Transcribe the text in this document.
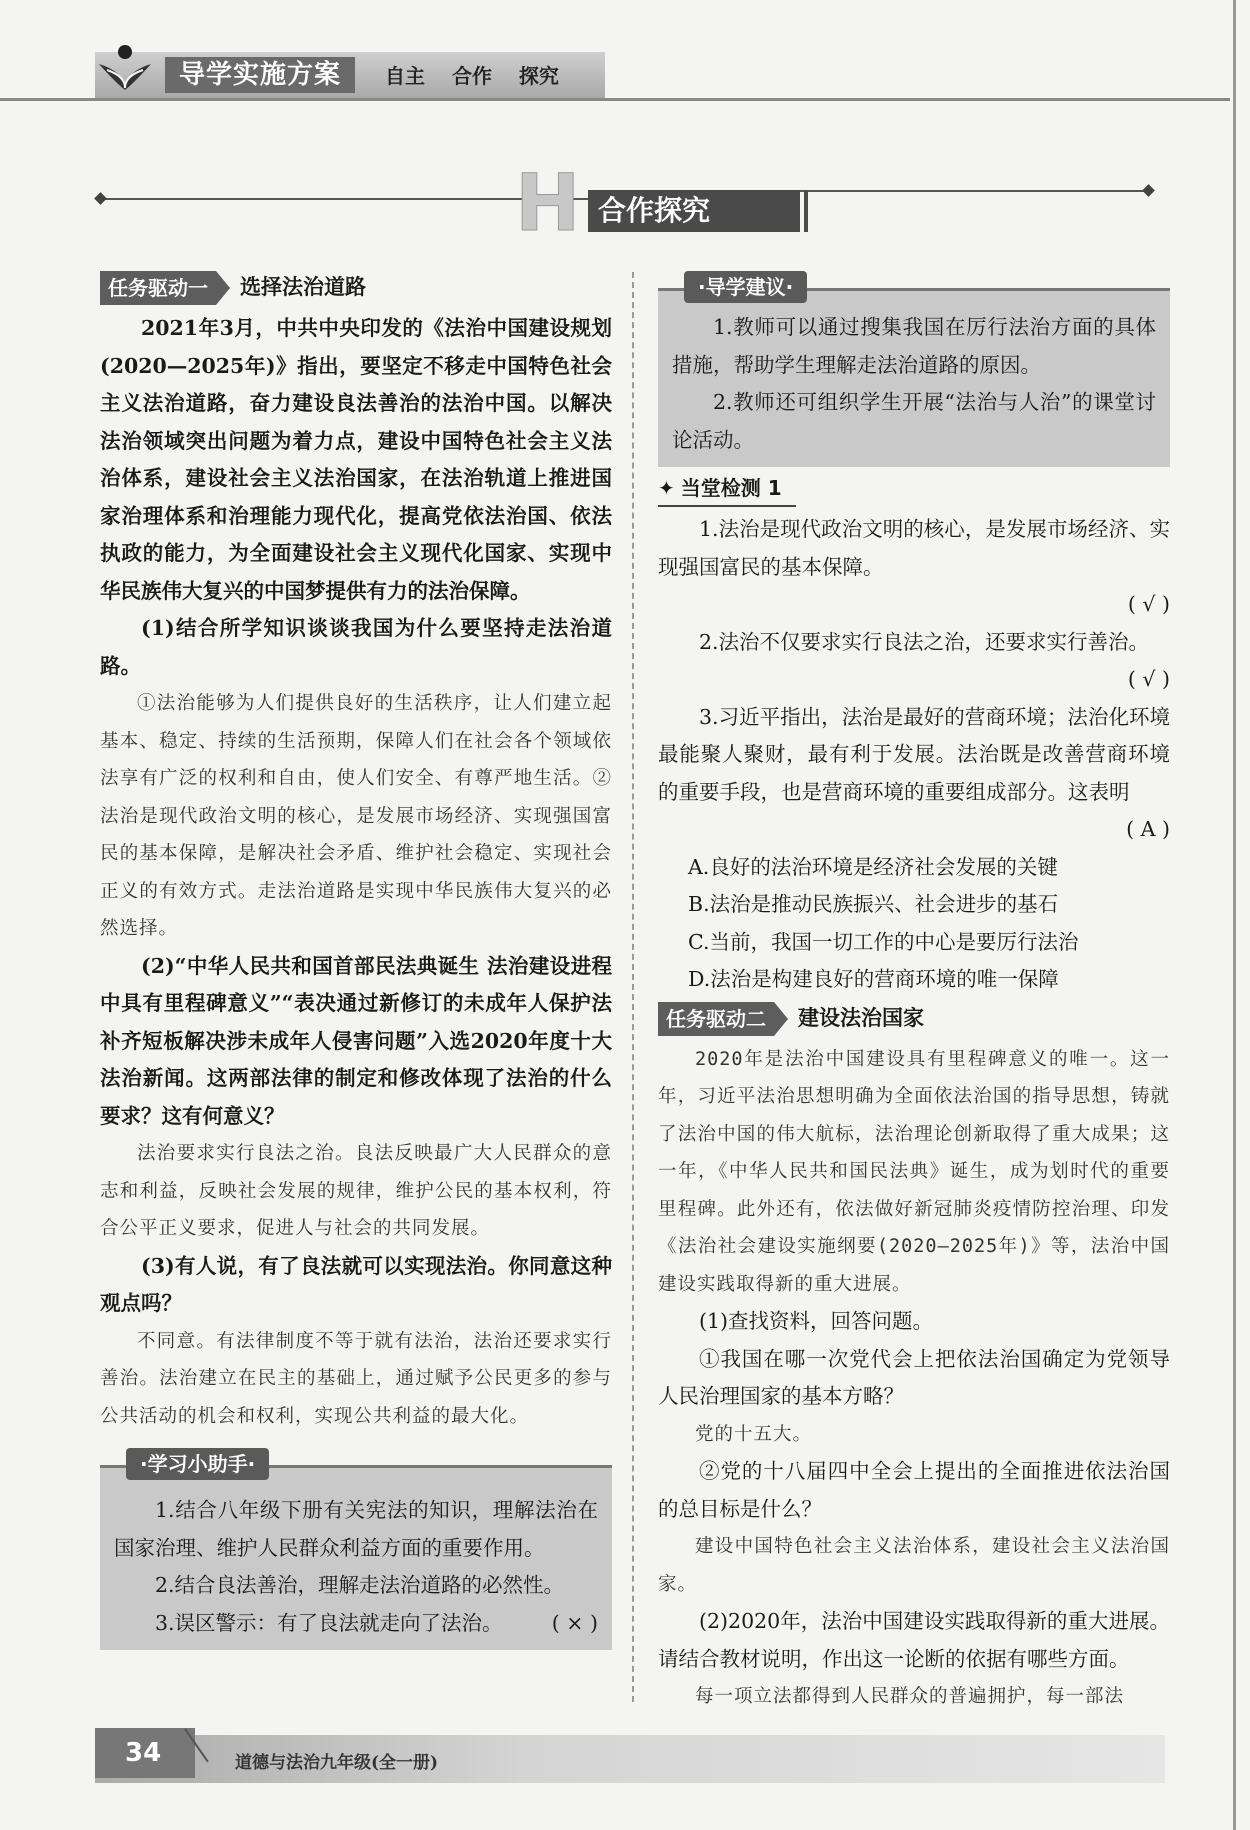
导学实施方案	自主 合作 探究
H 合作探究
任务驱动一	选择法治道路

2021年3月，中共中央印发的《法治中国建设规划(2020—2025年)》指出，要坚定不移走中国特色社会主义法治道路，奋力建设良法善治的法治中国。以解决法治领域突出问题为着力点，建设中国特色社会主义法治体系，建设社会主义法治国家，在法治轨道上推进国家治理体系和治理能力现代化，提高党依法治国、依法执政的能力，为全面建设社会主义现代化国家、实现中华民族伟大复兴的中国梦提供有力的法治保障。

(1)结合所学知识谈谈我国为什么要坚持走法治道路。

①法治能够为人们提供良好的生活秩序，让人们建立起基本、稳定、持续的生活预期，保障人们在社会各个领域依法享有广泛的权利和自由，使人们安全、有尊严地生活。②法治是现代政治文明的核心，是发展市场经济、实现强国富民的基本保障，是解决社会矛盾、维护社会稳定、实现社会正义的有效方式。走法治道路是实现中华民族伟大复兴的必然选择。

(2)“中华人民共和国首部民法典诞生 法治建设进程中具有里程碑意义”“表决通过新修订的未成年人保护法 补齐短板解决涉未成年人侵害问题”入选2020年度十大法治新闻。这两部法律的制定和修改体现了法治的什么要求？这有何意义？

法治要求实行良法之治。良法反映最广大人民群众的意志和利益，反映社会发展的规律，维护公民的基本权利，符合公平正义要求，促进人与社会的共同发展。

(3)有人说，有了良法就可以实现法治。你同意这种观点吗？

不同意。有法律制度不等于就有法治，法治还要求实行善治。法治建立在民主的基础上，通过赋予公民更多的参与公共活动的机会和权利，实现公共利益的最大化。

·学习小助手·

1.结合八年级下册有关宪法的知识，理解法治在国家治理、维护人民群众利益方面的重要作用。

2.结合良法善治，理解走法治道路的必然性。

3.误区警示：有了良法就走向了法治。	( × )

·导学建议·

1.教师可以通过搜集我国在厉行法治方面的具体措施，帮助学生理解走法治道路的原因。

2.教师还可组织学生开展“法治与人治”的课堂讨论活动。

✦ 当堂检测 1

1.法治是现代政治文明的核心，是发展市场经济、实现强国富民的基本保障。

( √ )

2.法治不仅要求实行良法之治，还要求实行善治。

( √ )

3.习近平指出，法治是最好的营商环境；法治化环境最能聚人聚财，最有利于发展。法治既是改善营商环境的重要手段，也是营商环境的重要组成部分。这表明

( A )

A.良好的法治环境是经济社会发展的关键

B.法治是推动民族振兴、社会进步的基石

C.当前，我国一切工作的中心是要厉行法治

D.法治是构建良好的营商环境的唯一保障

任务驱动二	建设法治国家

2020年是法治中国建设具有里程碑意义的唯一。这一年，习近平法治思想明确为全面依法治国的指导思想，铸就了法治中国的伟大航标，法治理论创新取得了重大成果；这一年，《中华人民共和国民法典》诞生，成为划时代的重要里程碑。此外还有，依法做好新冠肺炎疫情防控治理、印发《法治社会建设实施纲要(2020—2025年)》等，法治中国建设实践取得新的重大进展。

(1)查找资料，回答问题。

①我国在哪一次党代会上把依法治国确定为党领导人民治理国家的基本方略？

党的十五大。

②党的十八届四中全会上提出的全面推进依法治国的总目标是什么？

建设中国特色社会主义法治体系，建设社会主义法治国家。

(2)2020年，法治中国建设实践取得新的重大进展。请结合教材说明，作出这一论断的依据有哪些方面。

每一项立法都得到人民群众的普遍拥护，每一部法

34	道德与法治九年级(全一册)
